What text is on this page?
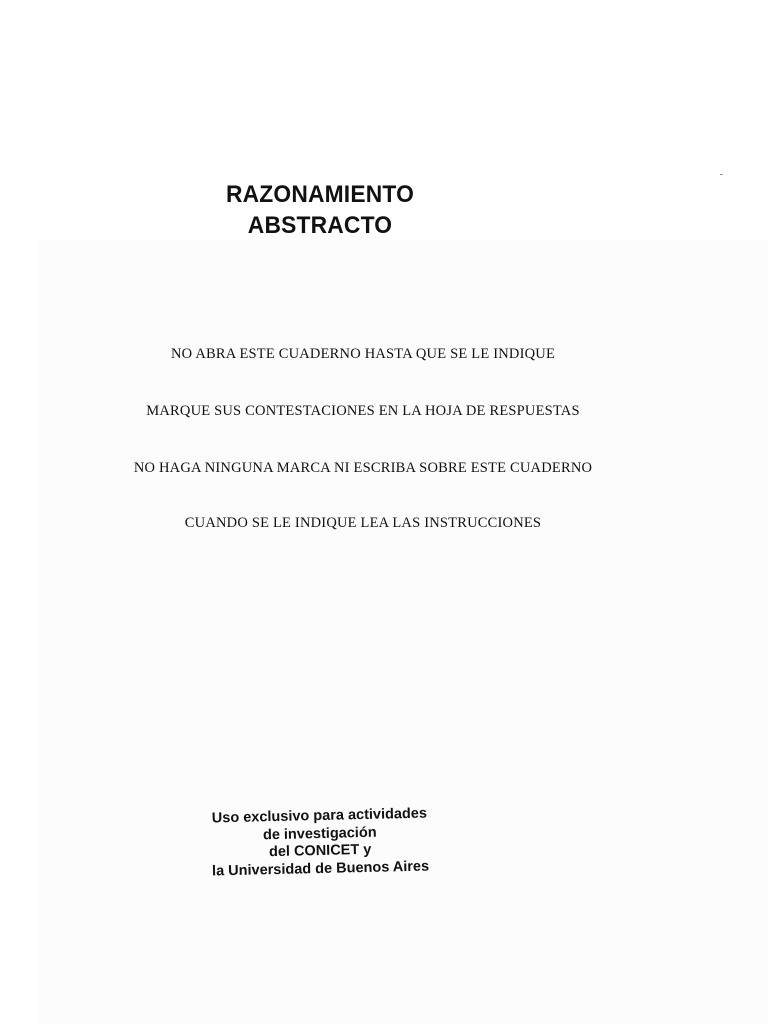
RAZONAMIENTO
ABSTRACTO
NO ABRA ESTE CUADERNO HASTA QUE SE LE INDIQUE
MARQUE SUS CONTESTACIONES EN LA HOJA DE RESPUESTAS
NO HAGA NINGUNA MARCA NI ESCRIBA SOBRE ESTE CUADERNO
CUANDO SE LE INDIQUE LEA LAS INSTRUCCIONES
Uso exclusivo para actividades
de investigación
del CONICET y
la Universidad de Buenos Aires
